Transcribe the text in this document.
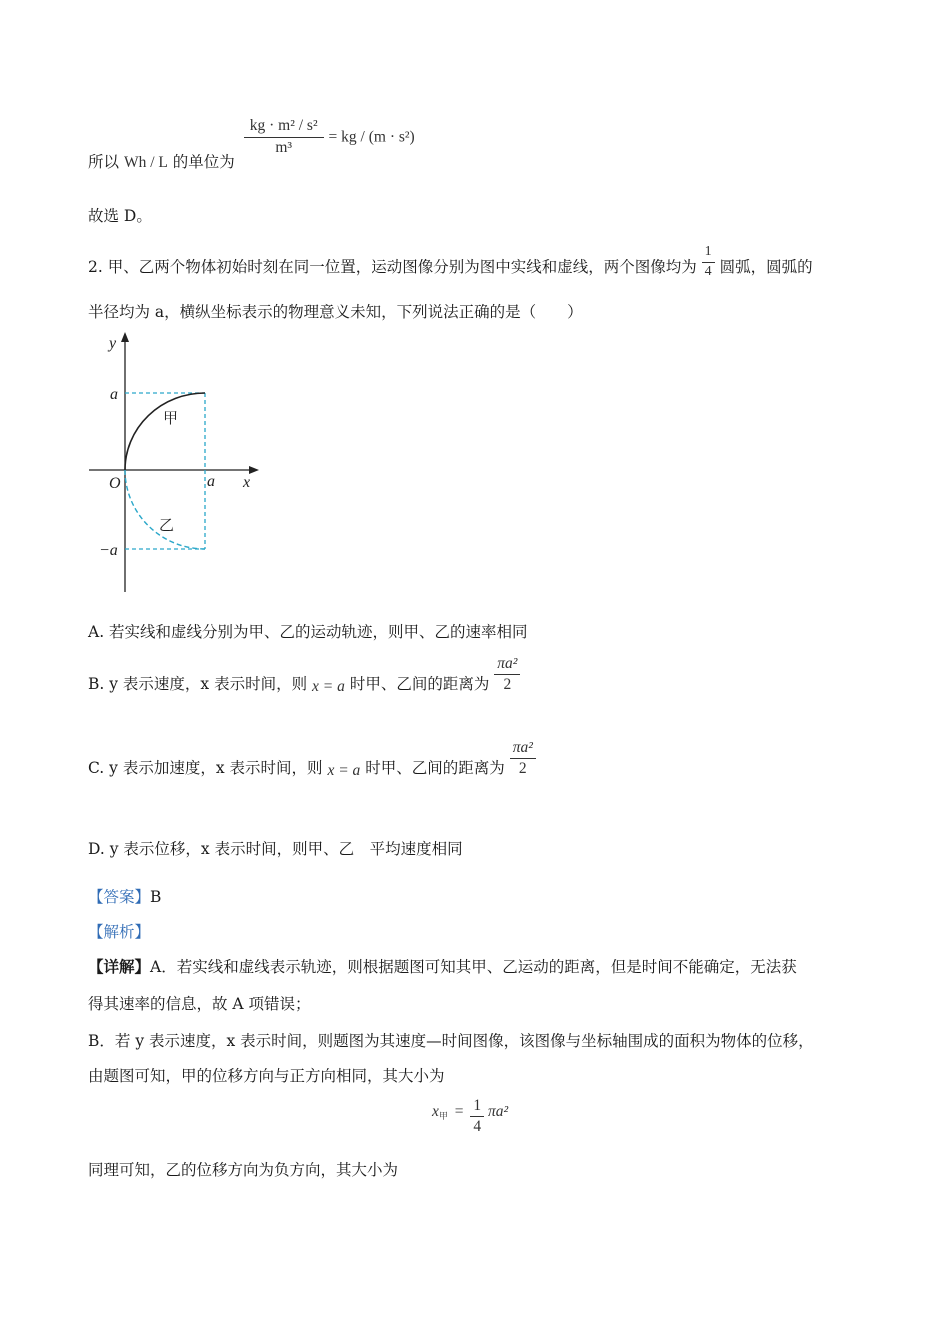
所以 Wh / L 的单位为
$\frac{\text{kg · m² / s²}}{\text{m³}}$ = kg / (m · s²)
故选 D。
2. 甲、乙两个物体初始时刻在同一位置，运动图像分别为图中实线和虚线，两个图像均为 $\frac{1}{4}$ 圆弧，圆弧的
半径均为 a，横纵坐标表示的物理意义未知，下列说法正确的是（　　）
y
x
O
a
a
−a
甲
乙
A. 若实线和虚线分别为甲、乙的运动轨迹，则甲、乙的速率相同
B. y 表示速度，x 表示时间，则 x = a 时甲、乙间的距离为 $\frac{\text{πa²}}{2}$
C. y 表示加速度，x 表示时间，则 x = a 时甲、乙间的距离为 $\frac{\text{πa²}}{2}$
D. y 表示位移，x 表示时间，则甲、乙　平均速度相同
【答案】B
【解析】
【详解】A．若实线和虚线表示轨迹，则根据题图可知其甲、乙运动的距离，但是时间不能确定，无法获
得其速率的信息，故 A 项错误；
B．若 y 表示速度，x 表示时间，则题图为其速度—时间图像，该图像与坐标轴围成的面积为物体的位移，
由题图可知，甲的位移方向与正方向相同，其大小为
$x_甲 = \frac{1}{4} \pi a^2$
同理可知，乙的位移方向为负方向，其大小为
